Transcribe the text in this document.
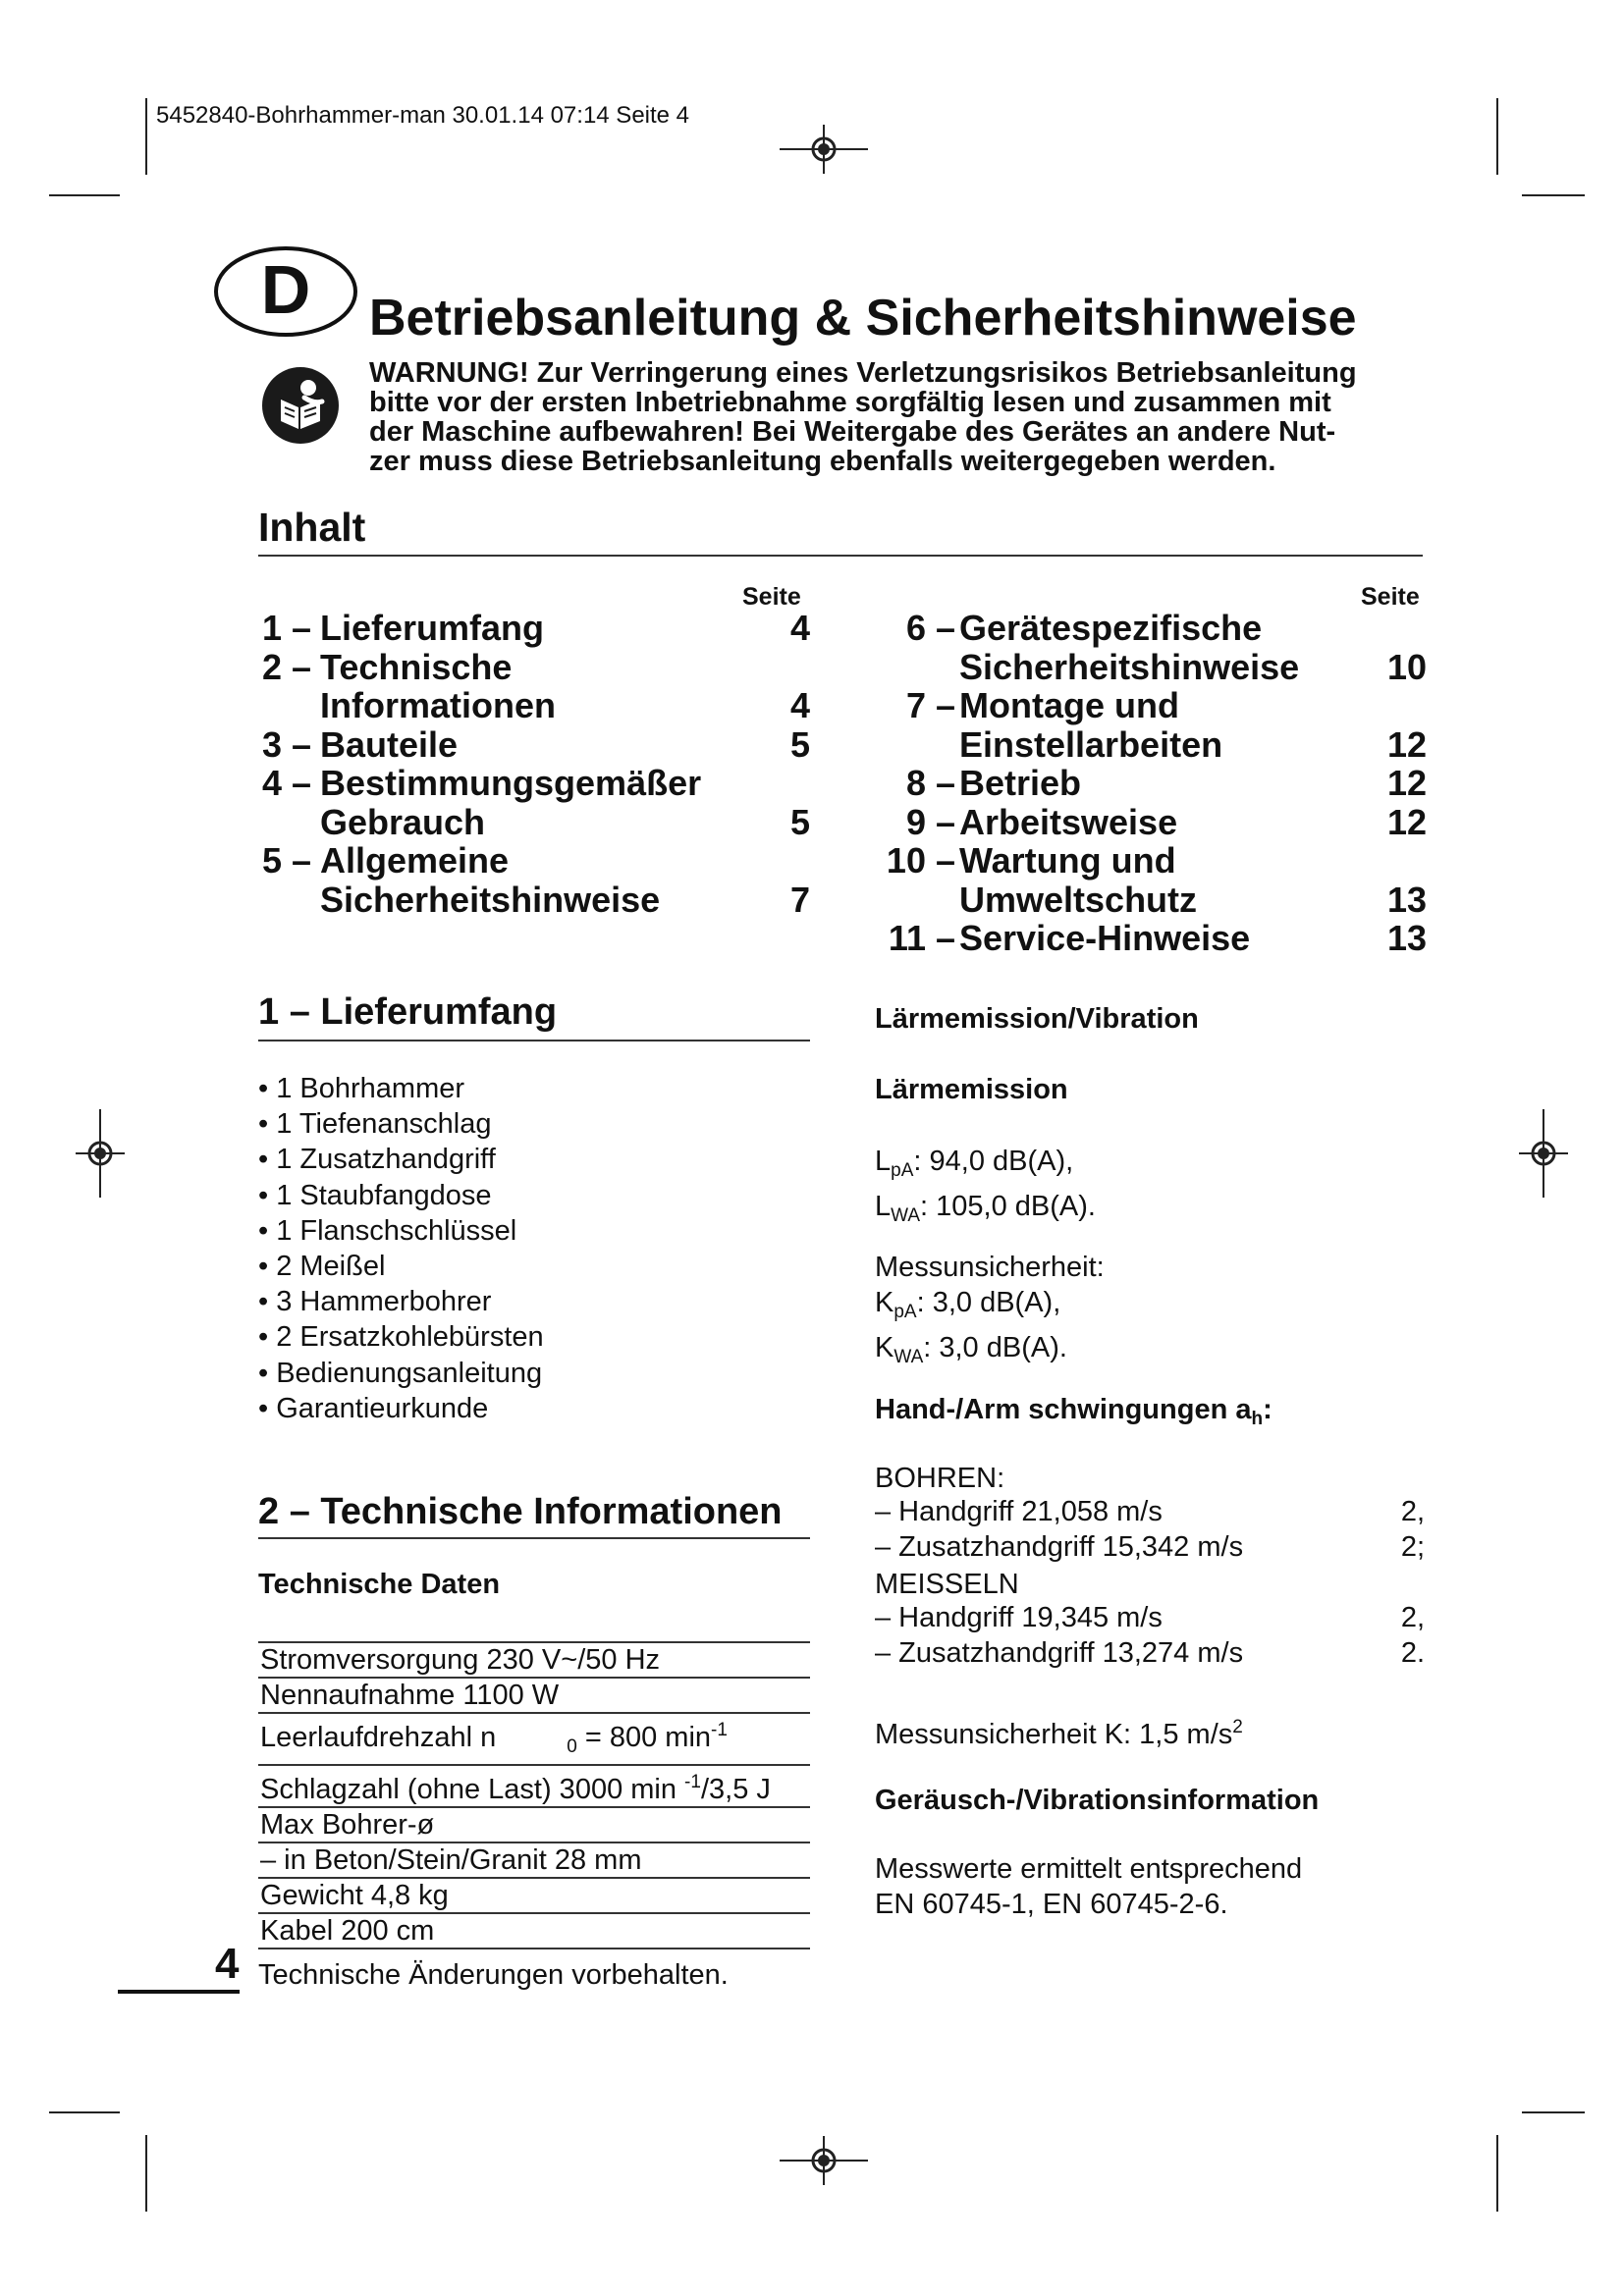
5452840-Bohrhammer-man 30.01.14 07:14 Seite 4
D	Betriebsanleitung & Sicherheitshinweise
WARNUNG! Zur Verringerung eines Verletzungsrisikos Betriebsanleitung
bitte vor der ersten Inbetriebnahme sorgfältig lesen und zusammen mit
der Maschine aufbewahren! Bei Weitergabe des Gerätes an andere Nut-
zer muss diese Betriebsanleitung ebenfalls weitergegeben werden.
Inhalt
Seite	Seite
1 – Lieferumfang	4
2 – Technische
Informationen	4
3 – Bauteile	5
4 – Bestimmungsgemäßer
Gebrauch	5
5 – Allgemeine
Sicherheitshinweise	7
6 – Gerätespezifische
Sicherheitshinweise	10
7 – Montage und
Einstellarbeiten	12
8 – Betrieb	12
9 – Arbeitsweise	12
10 – Wartung und
Umweltschutz	13
11 – Service-Hinweise	13
1 – Lieferumfang
• 1 Bohrhammer
• 1 Tiefenanschlag
• 1 Zusatzhandgriff
• 1 Staubfangdose
• 1 Flanschschlüssel
• 2 Meißel
• 3 Hammerbohrer
• 2 Ersatzkohlebürsten
• Bedienungsanleitung
• Garantieurkunde
2 – Technische Informationen
Technische Daten
Stromversorgung 230 V~/50 Hz
Nennaufnahme 1100 W
Leerlaufdrehzahl n	$_0$ = 800 $\min^{-1}$
Schlagzahl (ohne Last) 3000 min $^{-1}$/3,5 J
Max Bohrer-ø
– in Beton/Stein/Granit 28 mm
Gewicht 4,8 kg
Kabel 200 cm
Lärmemission/Vibration
Lärmemission
$L_{pA}$: 94,0 dB(A),
$L_{WA}$: 105,0 dB(A).
Messunsicherheit:
$K_{pA}$: 3,0 dB(A),
$K_{WA}$: 3,0 dB(A).
Hand-/Arm schwingungen $a_h$:
BOHREN:
– Handgriff 21,058 m/s	2,
– Zusatzhandgriff 15,342 m/s	2;
MEISSELN
– Handgriff 19,345 m/s	2,
– Zusatzhandgriff 13,274 m/s	2.
Messunsicherheit K: 1,5 $m/s^2$
Geräusch-/Vibrationsinformation
Messwerte ermittelt entsprechend
EN 60745-1, EN 60745-2-6.
4 Technische Änderungen vorbehalten.
